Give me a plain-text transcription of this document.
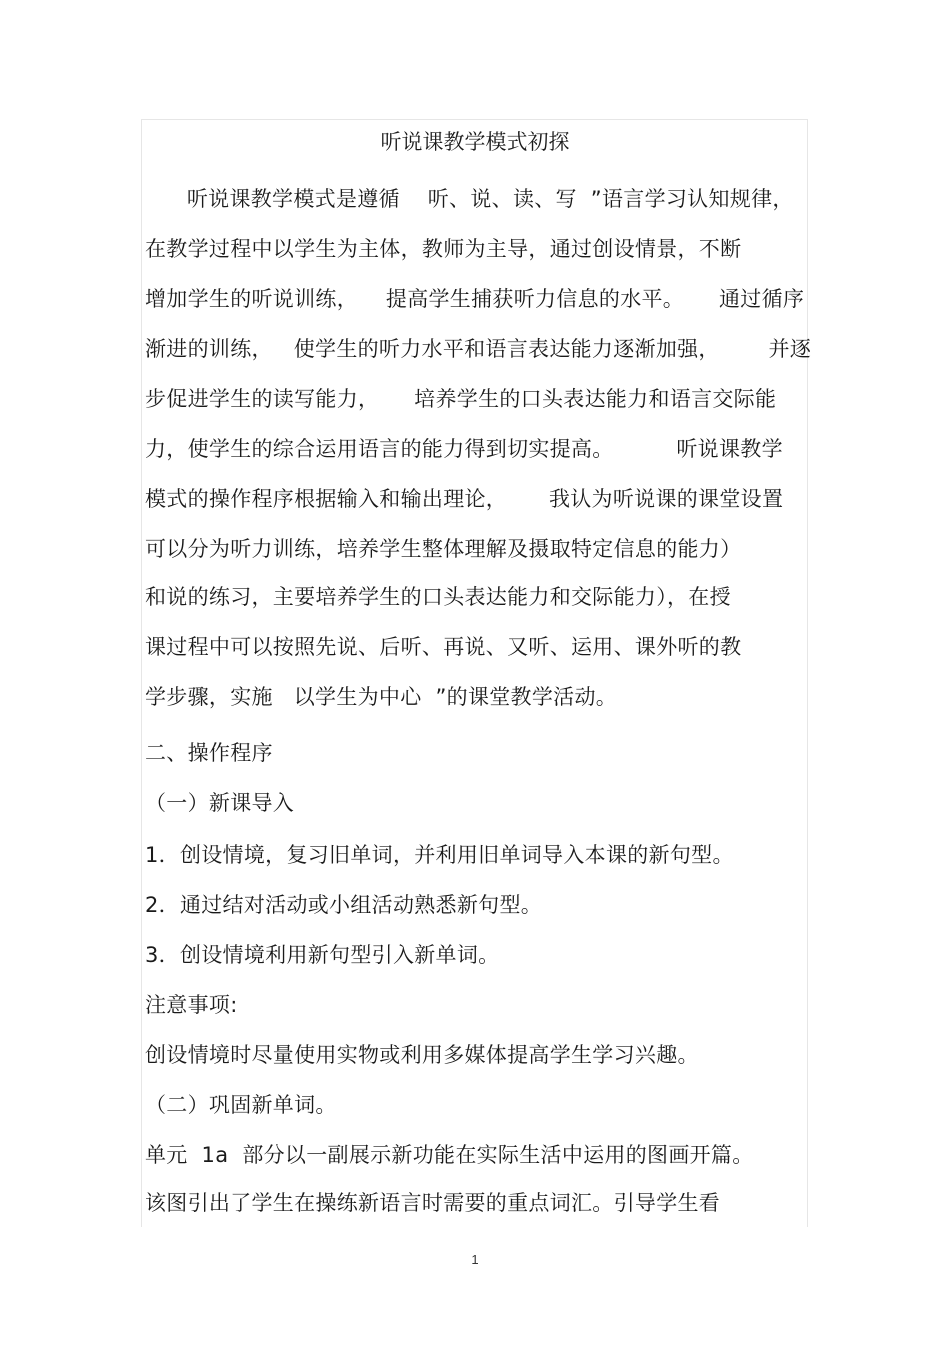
听说课教学模式初探
听说课教学模式是遵循    听、说、读、写  ”语言学习认知规律，
在教学过程中以学生为主体，教师为主导，通过创设情景，不断
增加学生的听说训练，    提高学生捕获听力信息的水平。     通过循序
渐进的训练，   使学生的听力水平和语言表达能力逐渐加强，       并逐
步促进学生的读写能力，     培养学生的口头表达能力和语言交际能
力，使学生的综合运用语言的能力得到切实提高。         听说课教学
模式的操作程序根据输入和输出理论，      我认为听说课的课堂设置
可以分为听力训练，培养学生整体理解及摄取特定信息的能力）
和说的练习，主要培养学生的口头表达能力和交际能力），在授
课过程中可以按照先说、后听、再说、又听、运用、课外听的教
学步骤，实施   以学生为中心  ”的课堂教学活动。
二、操作程序
（一）新课导入
1．创设情境，复习旧单词，并利用旧单词导入本课的新句型。
2．通过结对活动或小组活动熟悉新句型。
3．创设情境利用新句型引入新单词。
注意事项:
创设情境时尽量使用实物或利用多媒体提高学生学习兴趣。
（二）巩固新单词。
单元  1a  部分以一副展示新功能在实际生活中运用的图画开篇。
该图引出了学生在操练新语言时需要的重点词汇。引导学生看
1
